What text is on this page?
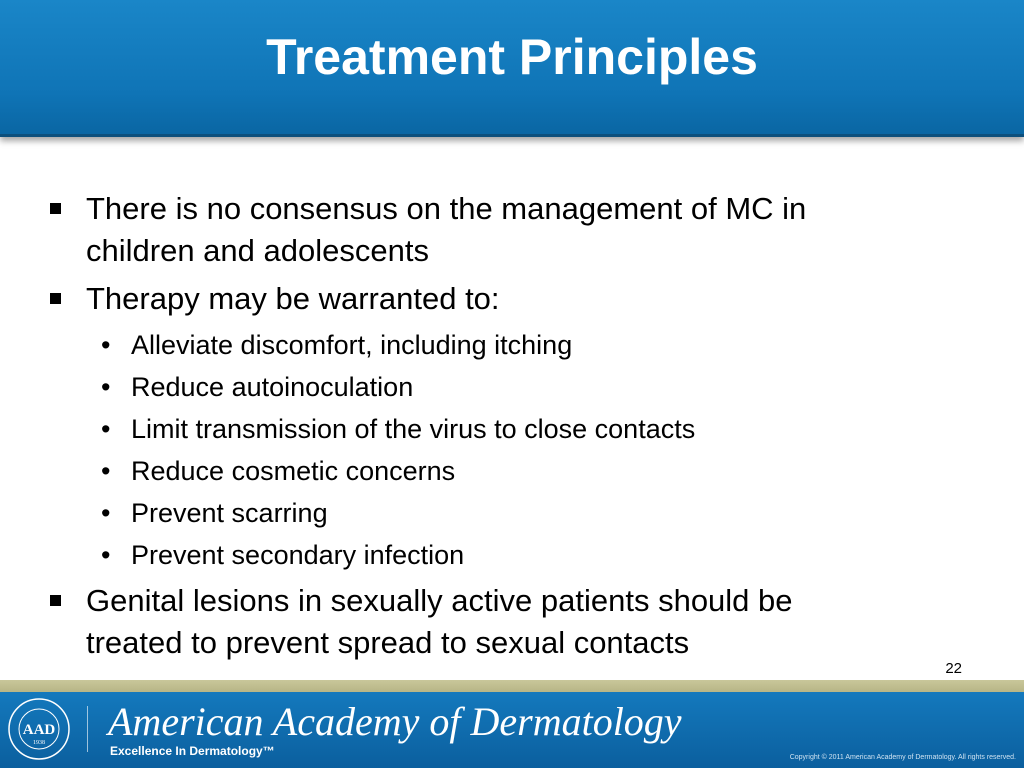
Treatment Principles
There is no consensus on the management of MC in
children and adolescents
Therapy may be warranted to:
• Alleviate discomfort, including itching
• Reduce autoinoculation
• Limit transmission of the virus to close contacts
• Reduce cosmetic concerns
• Prevent scarring
• Prevent secondary infection
Genital lesions in sexually active patients should be
treated to prevent spread to sexual contacts
22
AAD
1938 American Academy of Dermatology
Excellence In Dermatology™	Copyright © 2011 American Academy of Dermatology. All rights reserved.
